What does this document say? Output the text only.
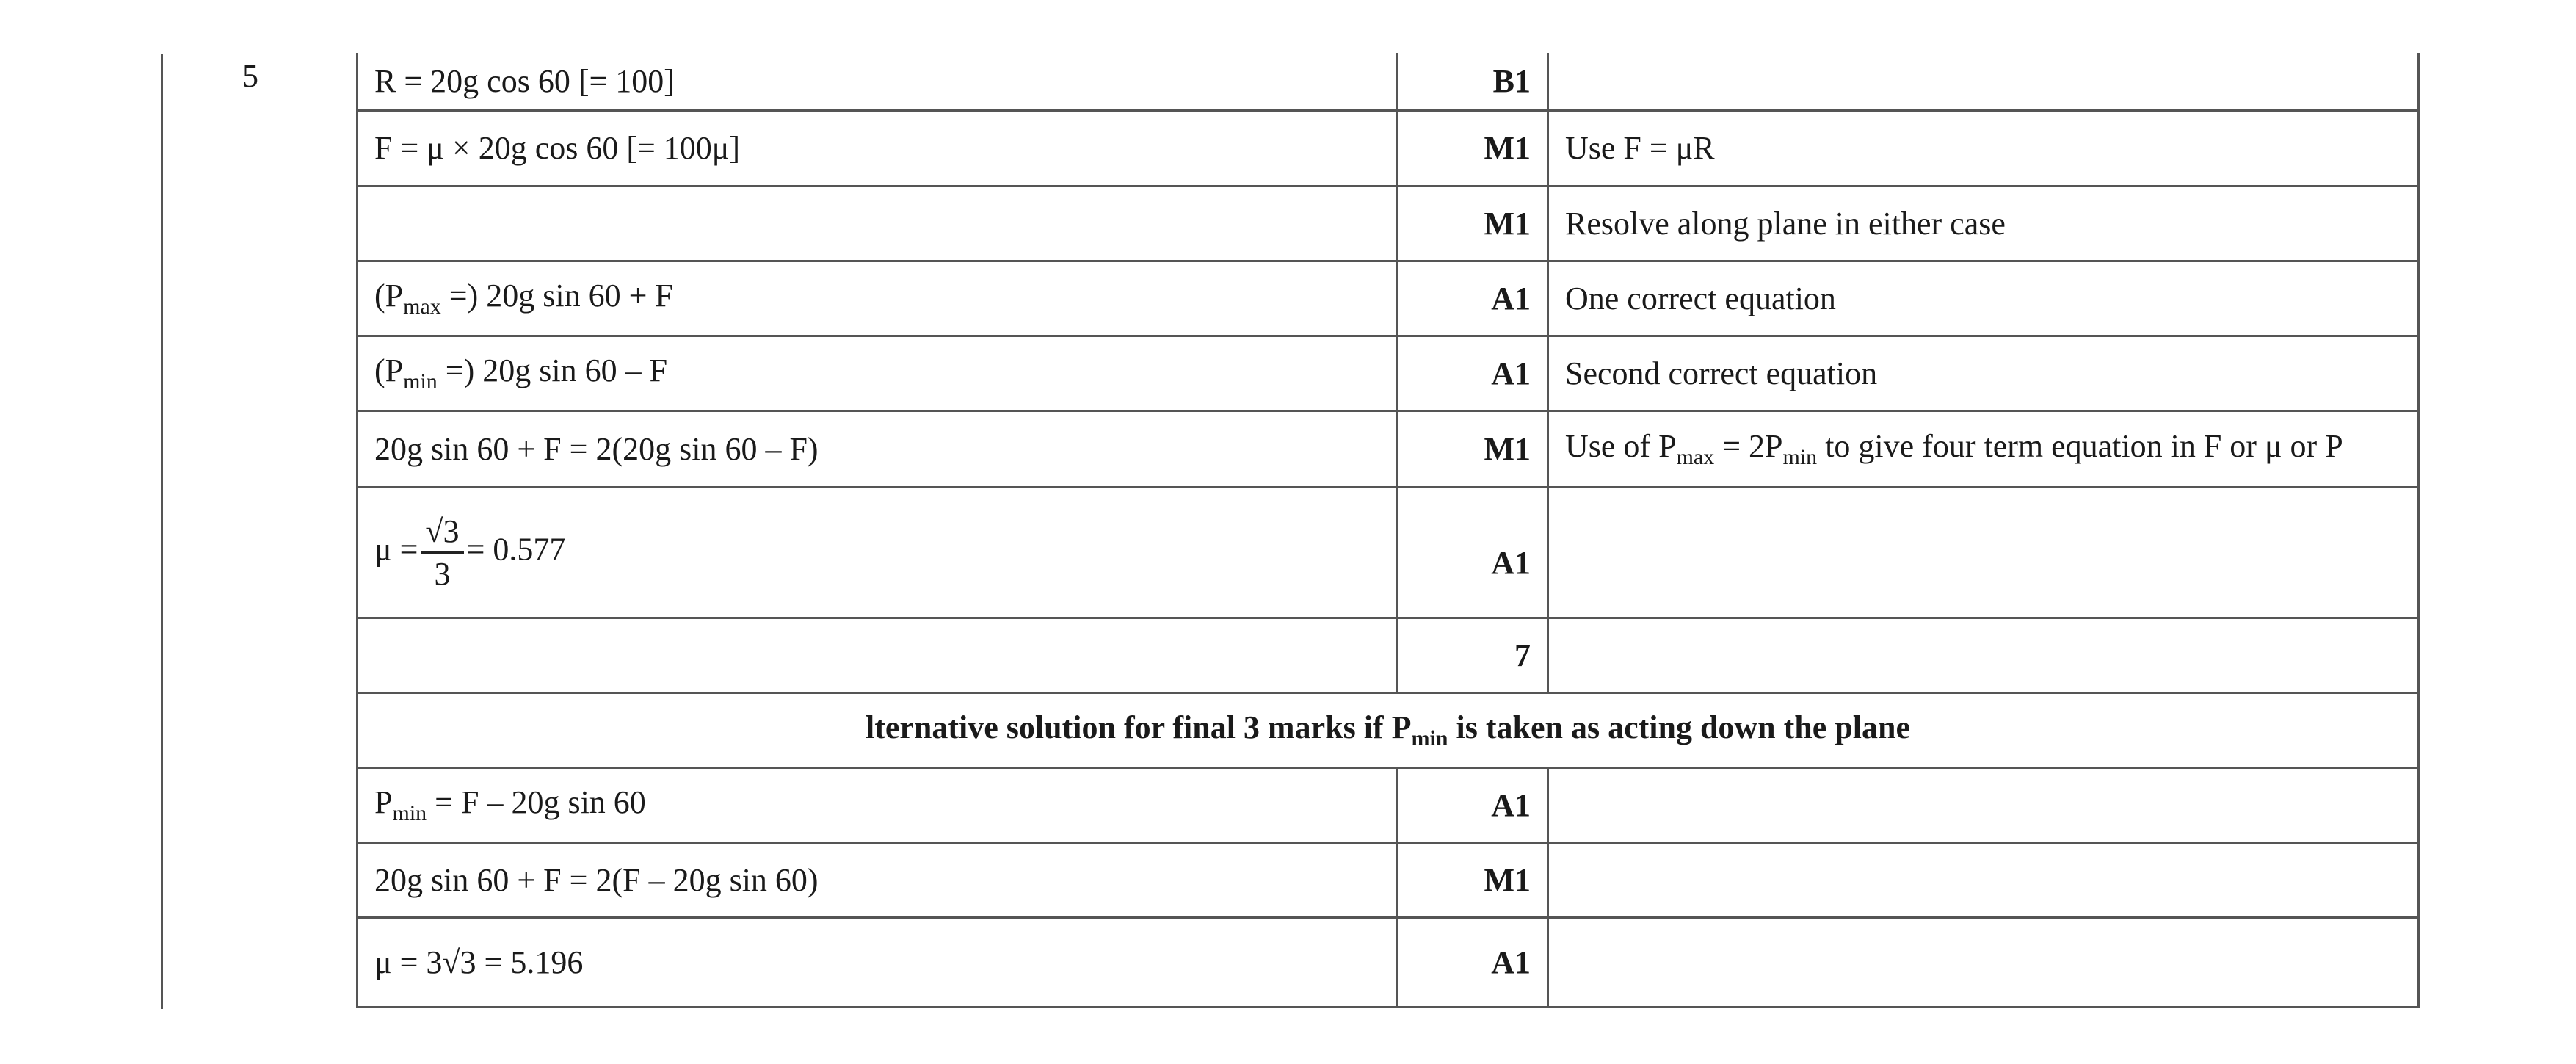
5	R = 20g cos 60 [= 100]	B1	
F = μ × 20g cos 60 [= 100μ]	M1	Use F = μR
	M1	Resolve along plane in either case
($P_{max}$ =) 20g sin 60 + F	A1	One correct equation
($P_{min}$ =) 20g sin 60 – F	A1	Second correct equation
20g sin 60 + F = 2(20g sin 60 – F)	M1	Use of $P_{max} = 2P_{min}$ to give four term equation in F or μ or P
$\mu = \frac{√3}{3} = 0.577$	A1	
	7	
lternative solution for final 3 marks if $P_{min}$ is taken as acting down the plane		
$P_{min} = F - 20g$ sin 60	A1	
20g sin 60 + F = 2(F – 20g sin 60)	M1	
μ = 3√3 = 5.196	A1	
